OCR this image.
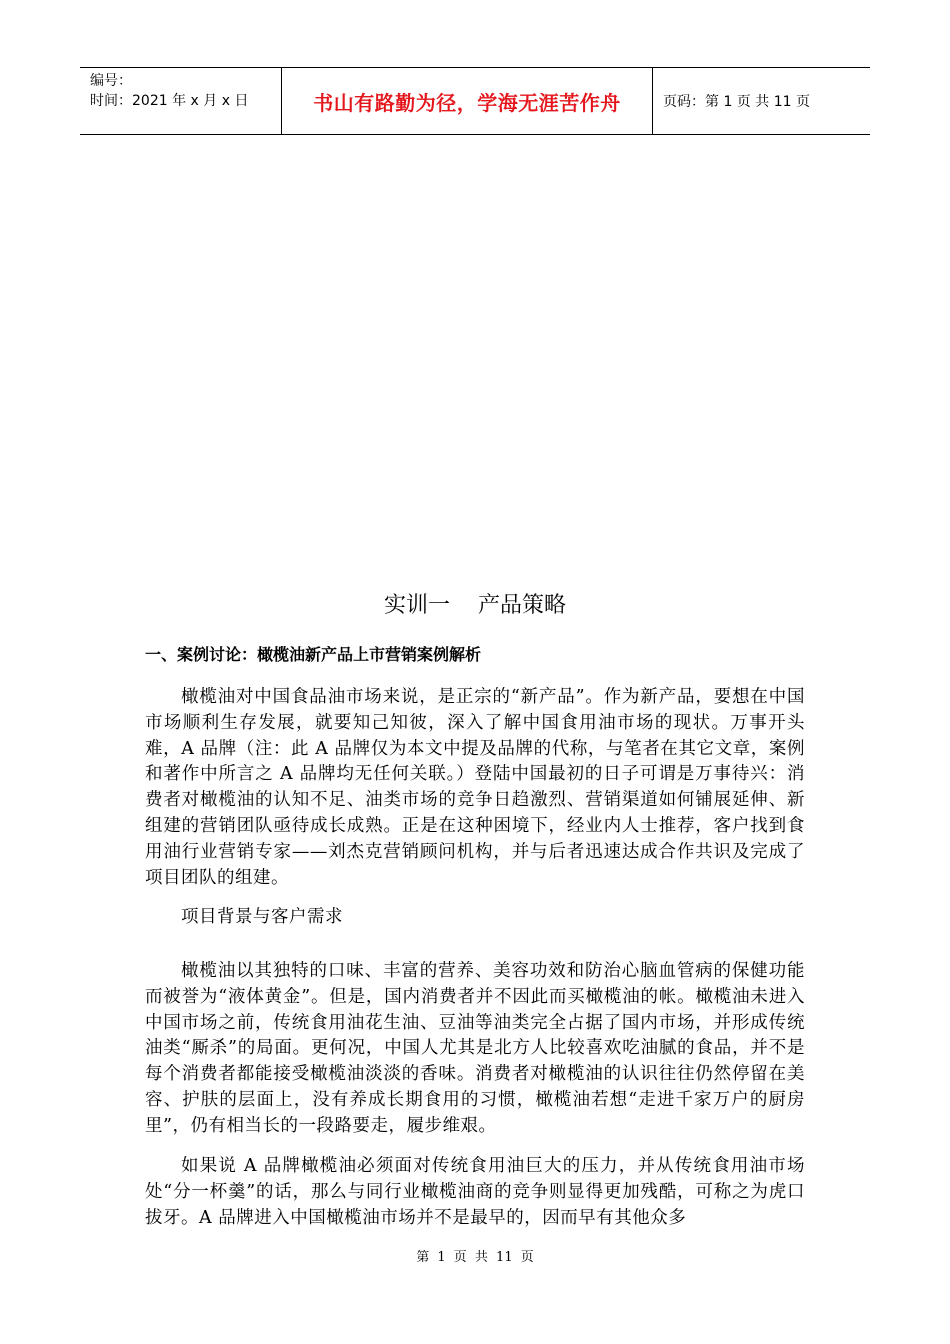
编号：
时间：2021 年 x 月 x 日	书山有路勤为径，学海无涯苦作舟	页码：第 1 页 共 11 页
实训一    产品策略
一、案例讨论：橄榄油新产品上市营销案例解析

橄榄油对中国食品油市场来说，是正宗的“新产品”。作为新产品，要想在中国市场顺利生存发展，就要知己知彼，深入了解中国食用油市场的现状。万事开头难，A 品牌（注：此 A 品牌仅为本文中提及品牌的代称，与笔者在其它文章，案例和著作中所言之 A 品牌均无任何关联。）登陆中国最初的日子可谓是万事待兴：消费者对橄榄油的认知不足、油类市场的竞争日趋激烈、营销渠道如何铺展延伸、新组建的营销团队亟待成长成熟。正是在这种困境下，经业内人士推荐，客户找到食用油行业营销专家——刘杰克营销顾问机构，并与后者迅速达成合作共识及完成了项目团队的组建。

项目背景与客户需求

橄榄油以其独特的口味、丰富的营养、美容功效和防治心脑血管病的保健功能而被誉为“液体黄金”。但是，国内消费者并不因此而买橄榄油的帐。橄榄油未进入中国市场之前，传统食用油花生油、豆油等油类完全占据了国内市场，并形成传统油类“厮杀”的局面。更何况，中国人尤其是北方人比较喜欢吃油腻的食品，并不是每个消费者都能接受橄榄油淡淡的香味。消费者对橄榄油的认识往往仍然停留在美容、护肤的层面上，没有养成长期食用的习惯，橄榄油若想“走进千家万户的厨房里”，仍有相当长的一段路要走，履步维艰。

如果说 A 品牌橄榄油必须面对传统食用油巨大的压力，并从传统食用油市场处“分一杯羹”的话，那么与同行业橄榄油商的竞争则显得更加残酷，可称之为虎口拔牙。A 品牌进入中国橄榄油市场并不是最早的，因而早有其他众多

第 1 页 共 11 页
